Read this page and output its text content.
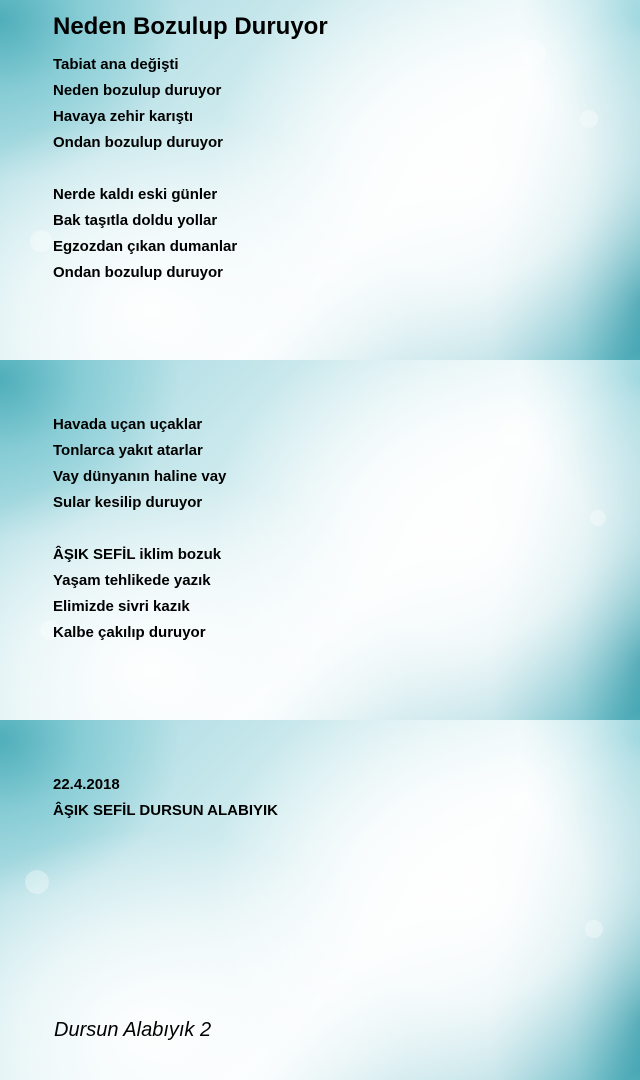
Neden Bozulup Duruyor
Tabiat ana değişti
Neden bozulup duruyor
Havaya zehir karıştı
Ondan bozulup duruyor
Nerde kaldı eski günler
Bak taşıtla doldu yollar
Egzozdan çıkan dumanlar
Ondan bozulup duruyor
Havada uçan uçaklar
Tonlarca yakıt atarlar
Vay dünyanın haline vay
Sular kesilip duruyor
ÂŞIK SEFİL iklim bozuk
Yaşam tehlikede yazık
Elimizde sivri kazık
Kalbe çakılıp duruyor
22.4.2018
ÂŞIK SEFİL DURSUN ALABIYIK

Dursun Alabıyık 2
